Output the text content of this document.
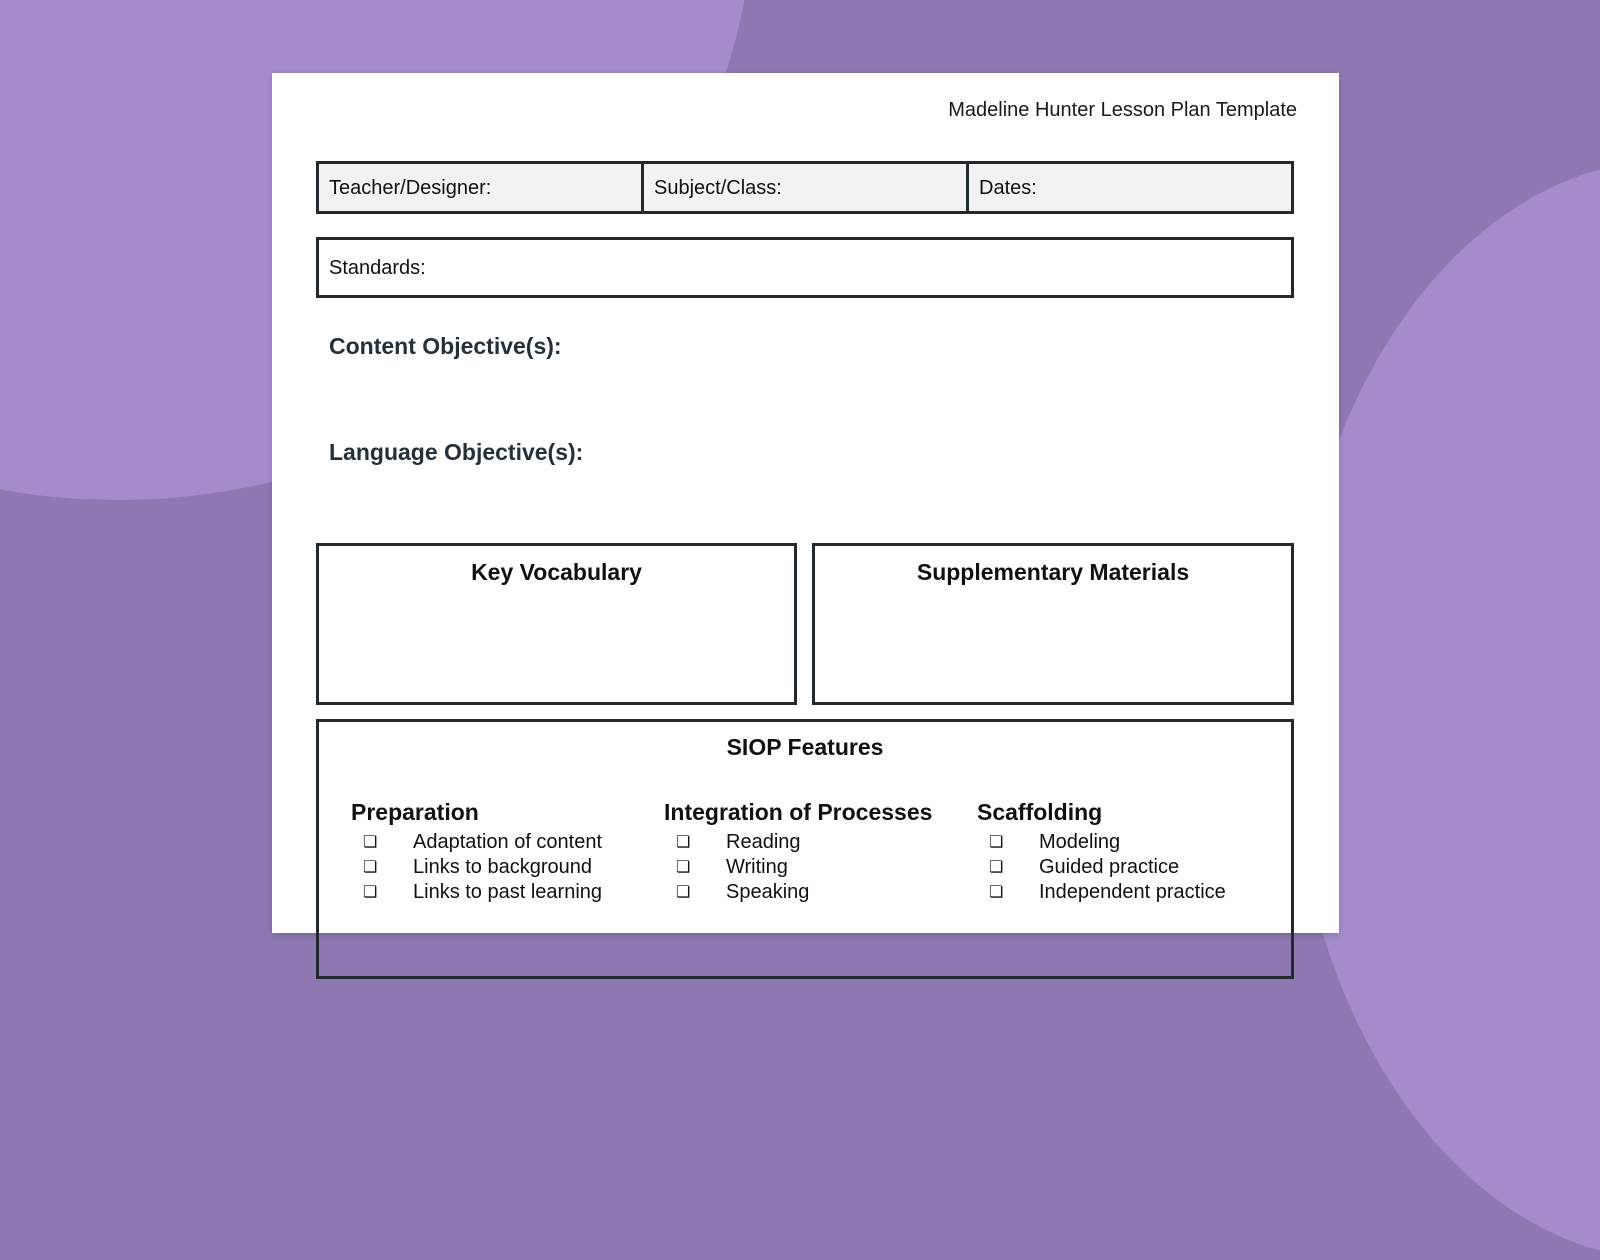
Madeline Hunter Lesson Plan Template
Teacher/Designer:	Subject/Class:	Dates:
Standards:
Content Objective(s):
Language Objective(s):
Key Vocabulary	Supplementary Materials
SIOP Features
Preparation
❏	Adaptation of content
❏	Links to background
❏	Links to past learning
Integration of Processes
❏	Reading
❏	Writing
❏	Speaking
Scaffolding
❏	Modeling
❏	Guided practice
❏	Independent practice
